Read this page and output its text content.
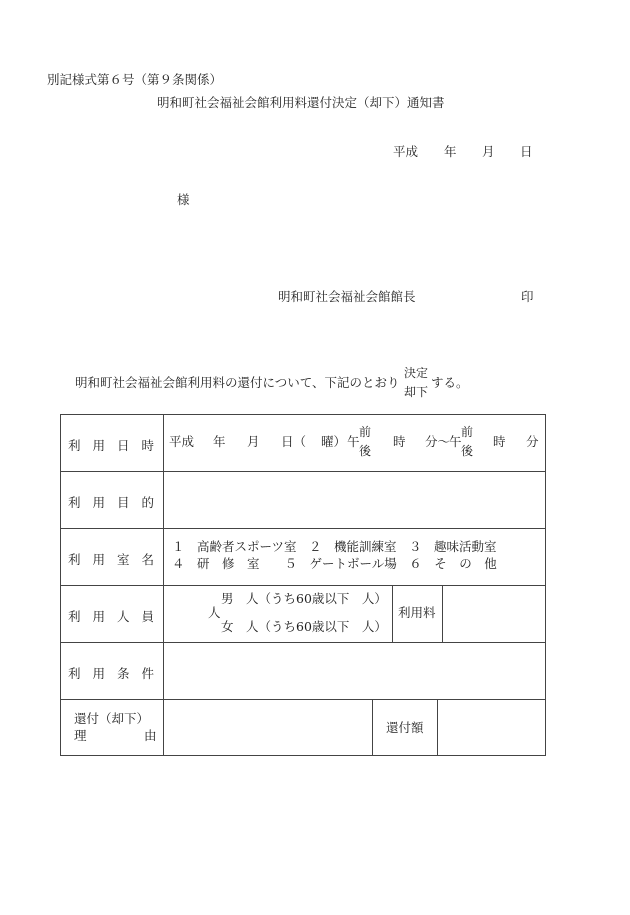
別記様式第６号（第９条関係）
明和町社会福祉会館利用料還付決定（却下）通知書
平成 年 月 日
様
明和町社会福祉会館館長	印
明和町社会福祉会館利用料の還付について、下記のとおり
決定
却下
する。
利 用 日 時 平成 年 月 日（ 曜） 午
前
後
時 分～
午
前
後
時 分
利 用 目 的
利 用 室 名
１　高齢者スポーツ室　２　機能訓練室　３　趣味活動室
４　研　修　室　　５　ゲートボール場　６　そ　の　他
利 用 人 員
男　人（うち60歳以下　人）
人
女　人（うち60歳以下　人）
利用料
利 用 条 件
還付（却下）
理	由
還付額
